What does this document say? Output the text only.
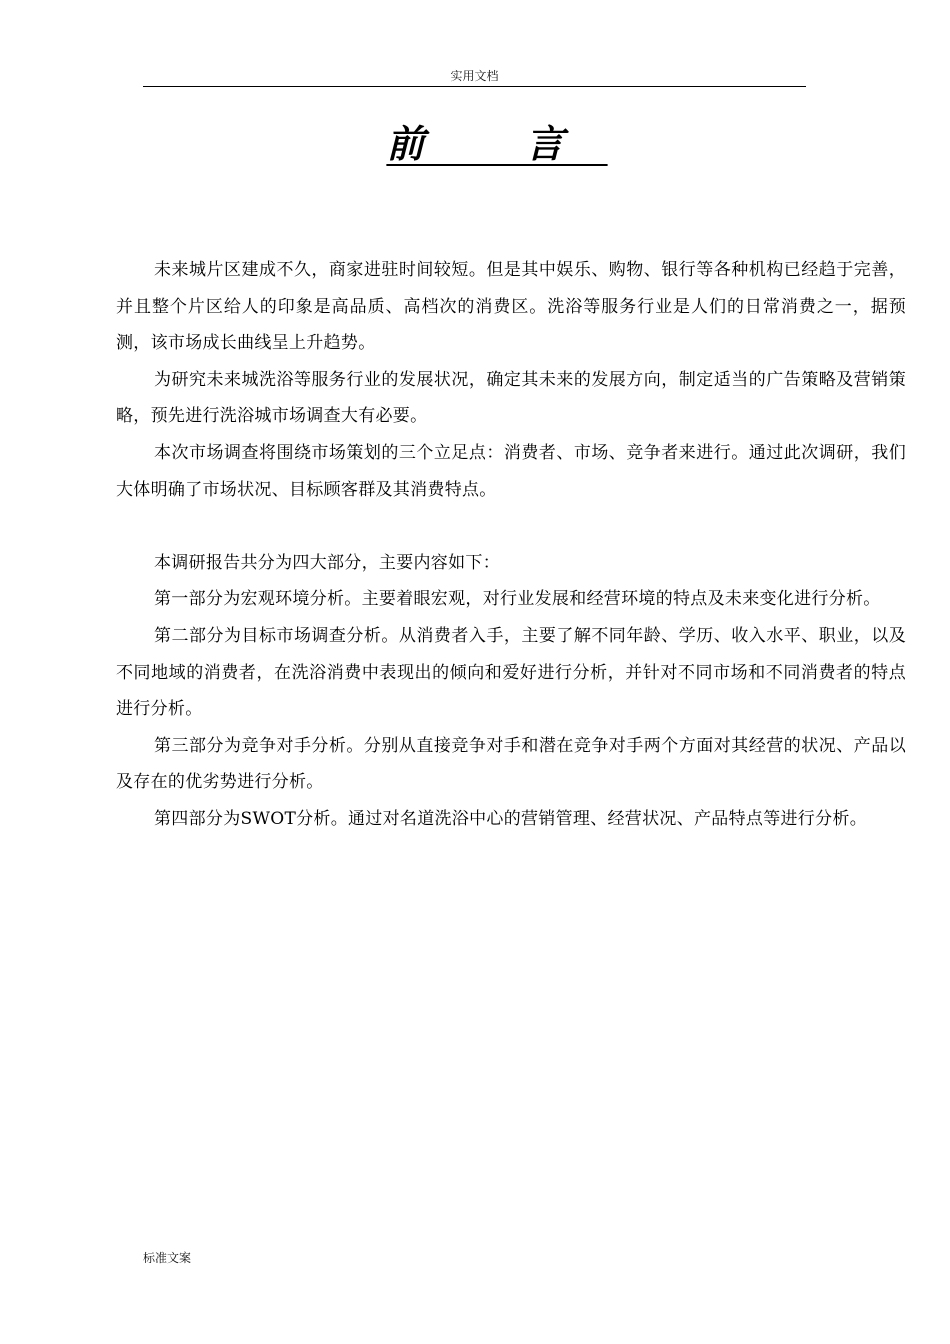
实用文档
前 言

未来城片区建成不久，商家进驻时间较短。但是其中娱乐、购物、银行等各种机构已经趋于完善，并且整个片区给人的印象是高品质、高档次的消费区。洗浴等服务行业是人们的日常消费之一，据预测，该市场成长曲线呈上升趋势。

为研究未来城洗浴等服务行业的发展状况，确定其未来的发展方向，制定适当的广告策略及营销策略，预先进行洗浴城市场调查大有必要。

本次市场调查将围绕市场策划的三个立足点：消费者、市场、竞争者来进行。通过此次调研，我们大体明确了市场状况、目标顾客群及其消费特点。

本调研报告共分为四大部分，主要内容如下：

第一部分为宏观环境分析。主要着眼宏观，对行业发展和经营环境的特点及未来变化进行分析。

第二部分为目标市场调查分析。从消费者入手，主要了解不同年龄、学历、收入水平、职业，以及不同地域的消费者，在洗浴消费中表现出的倾向和爱好进行分析，并针对不同市场和不同消费者的特点进行分析。

第三部分为竞争对手分析。分别从直接竞争对手和潜在竞争对手两个方面对其经营的状况、产品以及存在的优劣势进行分析。

第四部分为SWOT分析。通过对名道洗浴中心的营销管理、经营状况、产品特点等进行分析。

标准文案
